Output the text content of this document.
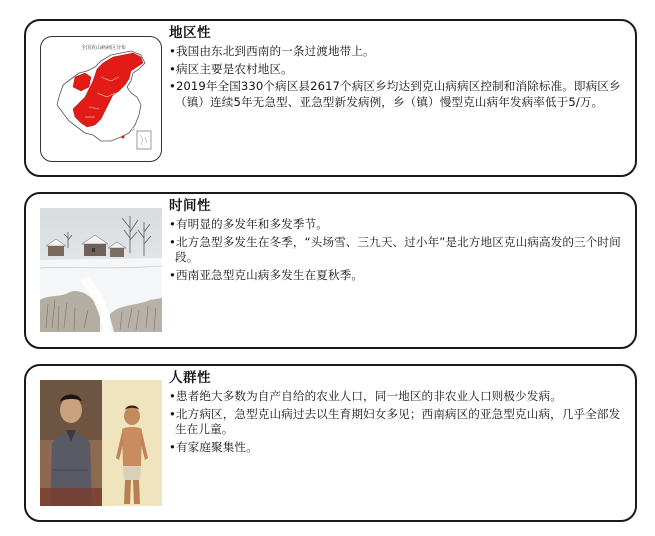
全国克山病病区分布
地区性
•我国由东北到西南的一条过渡地带上。
•病区主要是农村地区。
•2019年全国330个病区县2617个病区乡均达到克山病病区控制和消除标准。即病区乡（镇）连续5年无急型、亚急型新发病例，乡（镇）慢型克山病年发病率低于5/万。
时间性
•有明显的多发年和多发季节。
•北方急型多发生在冬季，“头场雪、三九天、过小年”是北方地区克山病高发的三个时间段。
•西南亚急型克山病多发生在夏秋季。
人群性
•患者绝大多数为自产自给的农业人口，同一地区的非农业人口则极少发病。
•北方病区，急型克山病过去以生育期妇女多见；西南病区的亚急型克山病，几乎全部发生在儿童。
•有家庭聚集性。
